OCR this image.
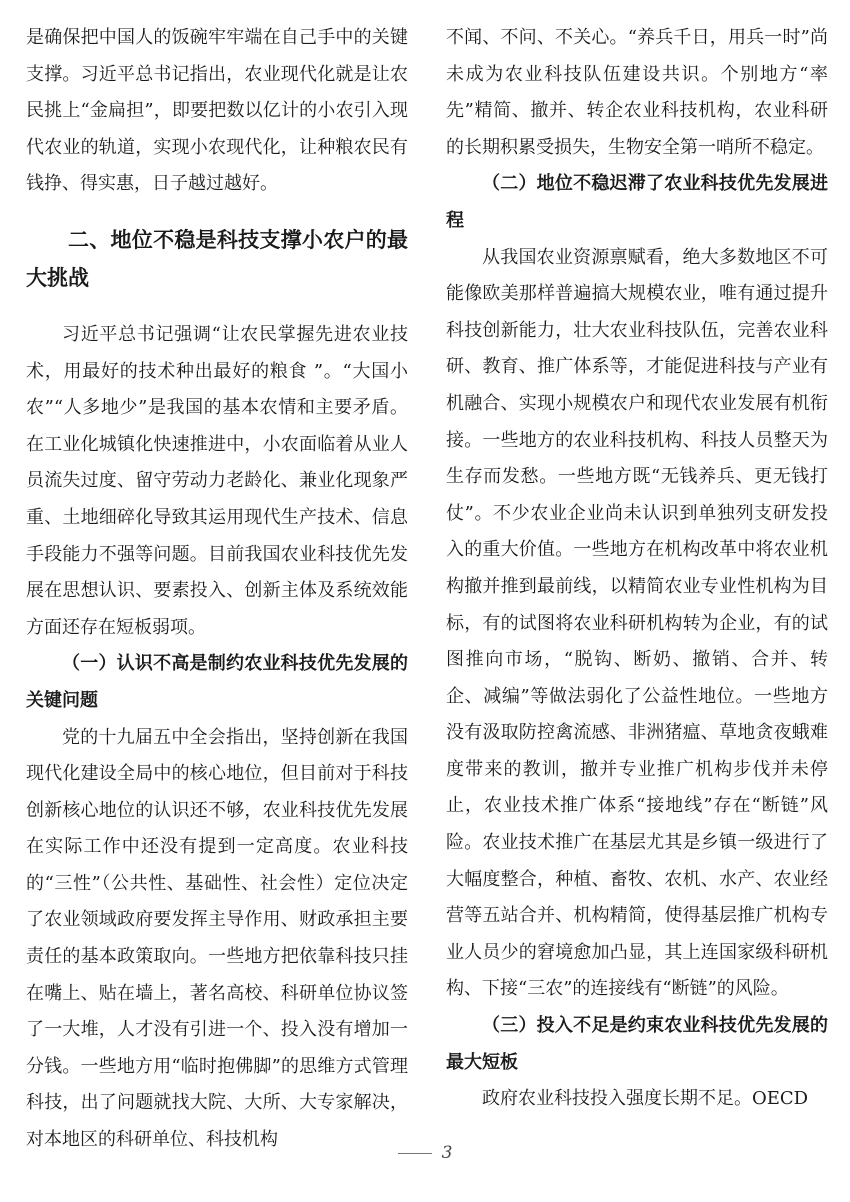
是确保把中国人的饭碗牢牢端在自己手中的关键支撑。习近平总书记指出，农业现代化就是让农民挑上“金扁担”，即要把数以亿计的小农引入现代农业的轨道，实现小农现代化，让种粮农民有钱挣、得实惠，日子越过越好。

二、地位不稳是科技支撑小农户的最大挑战

习近平总书记强调“让农民掌握先进农业技术，用最好的技术种出最好的粮食 ”。“大国小农”“人多地少”是我国的基本农情和主要矛盾。在工业化城镇化快速推进中，小农面临着从业人员流失过度、留守劳动力老龄化、兼业化现象严重、土地细碎化导致其运用现代生产技术、信息手段能力不强等问题。目前我国农业科技优先发展在思想认识、要素投入、创新主体及系统效能方面还存在短板弱项。

（一）认识不高是制约农业科技优先发展的关键问题

党的十九届五中全会指出，坚持创新在我国现代化建设全局中的核心地位，但目前对于科技创新核心地位的认识还不够，农业科技优先发展在实际工作中还没有提到一定高度。农业科技的“三性”（公共性、基础性、社会性）定位决定了农业领域政府要发挥主导作用、财政承担主要责任的基本政策取向。一些地方把依靠科技只挂在嘴上、贴在墙上，著名高校、科研单位协议签了一大堆，人才没有引进一个、投入没有增加一分钱。一些地方用“临时抱佛脚”的思维方式管理科技，出了问题就找大院、大所、大专家解决，对本地区的科研单位、科技机构

不闻、不问、不关心。“养兵千日，用兵一时”尚未成为农业科技队伍建设共识。个别地方“率先”精简、撤并、转企农业科技机构，农业科研的长期积累受损失，生物安全第一哨所不稳定。

（二）地位不稳迟滞了农业科技优先发展进程

从我国农业资源禀赋看，绝大多数地区不可能像欧美那样普遍搞大规模农业，唯有通过提升科技创新能力，壮大农业科技队伍，完善农业科研、教育、推广体系等，才能促进科技与产业有机融合、实现小规模农户和现代农业发展有机衔接。一些地方的农业科技机构、科技人员整天为生存而发愁。一些地方既“无钱养兵、更无钱打仗”。不少农业企业尚未认识到单独列支研发投入的重大价值。一些地方在机构改革中将农业机构撤并推到最前线，以精简农业专业性机构为目标，有的试图将农业科研机构转为企业，有的试图推向市场，“脱钩、断奶、撤销、合并、转企、减编”等做法弱化了公益性地位。一些地方没有汲取防控禽流感、非洲猪瘟、草地贪夜蛾难度带来的教训，撤并专业推广机构步伐并未停止，农业技术推广体系“接地线”存在“断链”风险。农业技术推广在基层尤其是乡镇一级进行了大幅度整合，种植、畜牧、农机、水产、农业经营等五站合并、机构精简，使得基层推广机构专业人员少的窘境愈加凸显，其上连国家级科研机构、下接“三农”的连接线有“断链”的风险。

（三）投入不足是约束农业科技优先发展的最大短板

政府农业科技投入强度长期不足。OECD

3
